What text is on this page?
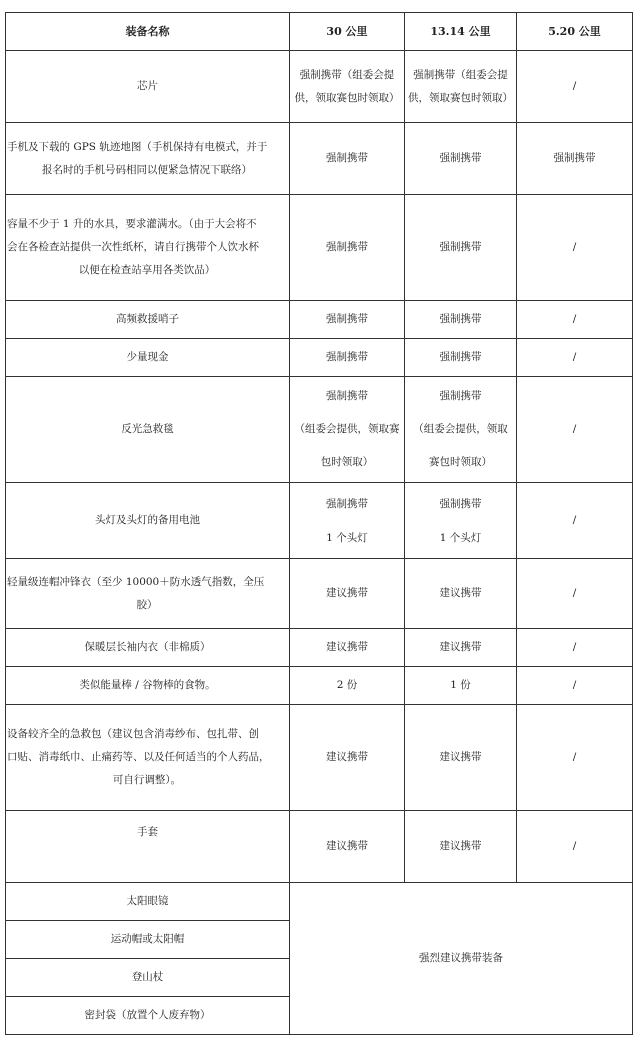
装备名称	30 公里	13.14 公里	5.20 公里
芯片	强制携带（组委会提
供，领取赛包时领取）	强制携带（组委会提
供，领取赛包时领取）	/

手机及下载的 GPS 轨迹地图（手机保持有电模式，并于
报名时的手机号码相同以便紧急情况下联络）	强制携带	强制携带	强制携带

容量不少于 1 升的水具，要求灌满水。（由于大会将不
会在各检查站提供一次性纸杯，请自行携带个人饮水杯
以便在检查站享用各类饮品）	强制携带	强制携带	/
高频救援哨子	强制携带	强制携带	/
少量现金	强制携带	强制携带	/
反光急救毯	强制携带
（组委会提供，领取赛
包时领取）	强制携带
（组委会提供，领取
赛包时领取）	/
头灯及头灯的备用电池	强制携带
1 个头灯	强制携带
1 个头灯	/

轻量级连帽冲锋衣（至少 10000＋防水透气指数，全压
胶）	建议携带	建议携带	/
保暖层长袖内衣（非棉质）	建议携带	建议携带	/
类似能量棒 / 谷物棒的食物。	2 份	1 份	/

设备较齐全的急救包（建议包含消毒纱布、包扎带、创
口贴、消毒纸巾、止痛药等、以及任何适当的个人药品，
可自行调整）。	建议携带	建议携带	/
手套	建议携带	建议携带	/
太阳眼镜	强烈建议携带装备		
运动帽或太阳帽			
登山杖			
密封袋（放置个人废弃物）			
